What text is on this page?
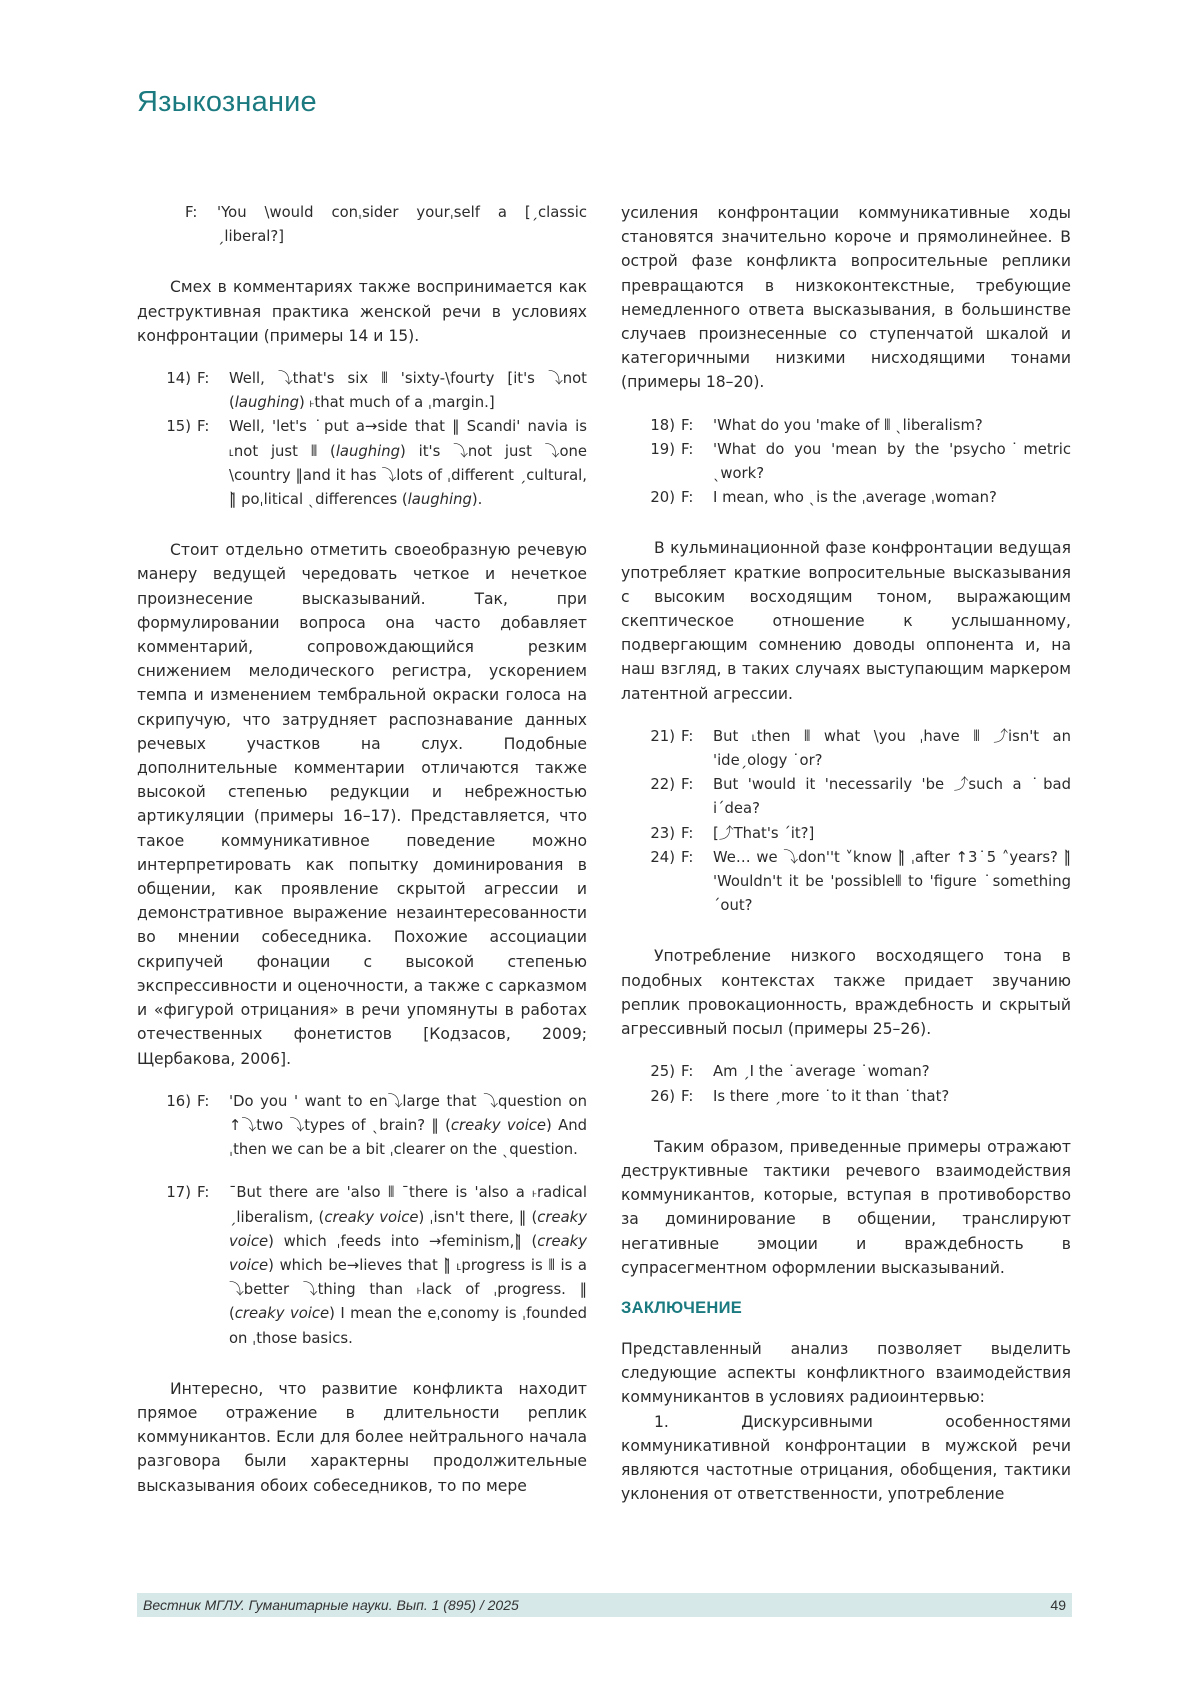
Языкознание
F:	'You \would conˌsider yourˌself a [ˏclassic ˏliberal?]

Смех в комментариях также воспринимается как деструктивная практика женской речи в условиях конфронтации (примеры 14 и 15).

14) F:	Well, ⤵that's six ⦀ 'sixty-\fourty [it's ⤵not (laughing) ˫that much of a ˌmargin.]
15) F:	Well, 'let's ˙put a→side that ‖ Scandi' navia is ˪not just ⦀ (laughing) it's ⤵not just ⤵one \country ‖and it has ⤵lots of ˌdifferent ˏcultural, ‖̀ poˌlitical ˎdifferences (laughing).

Стоит отдельно отметить своеобразную речевую манеру ведущей чередовать четкое и нечеткое произнесение высказываний. Так, при формулировании вопроса она часто добавляет комментарий, сопровождающийся резким снижением мелодического регистра, ускорением темпа и изменением тембральной окраски голоса на скрипучую, что затрудняет распознавание данных речевых участков на слух. Подобные дополнительные комментарии отличаются также высокой степенью редукции и небрежностью артикуляции (примеры 16–17). Представляется, что такое коммуникативное поведение можно интерпретировать как попытку доминирования в общении, как проявление скрытой агрессии и демонстративное выражение незаинтересованности во мнении собеседника. Похожие ассоциации скрипучей фонации с высокой степенью экспрессивности и оценочности, а также с сарказмом и «фигурой отрицания» в речи упомянуты в работах отечественных фонетистов [Кодзасов, 2009; Щербакова, 2006].

16) F:	'Do you ' want to en⤵large that ⤵question on ↑⤵two ⤵types of ˎbrain? ‖ (creaky voice) And ˌthen we can be a bit ˌclearer on the ˎquestion.
17) F:	¯But there are 'also ⦀ ¯there is 'also a ˫radical ˏliberalism, (creaky voice) ˌisn't there, ‖ (creaky voice) which ˌfeeds into →feminism,‖̀ (creaky voice) which be→lieves that ‖̀ ˪progress is ⦀ is a ⤵better ⤵thing than ˫lack of ˌprogress. ‖ (creaky voice) I mean the eˌconomy is ˌfounded on ˌthose basics.

Интересно, что развитие конфликта находит прямое отражение в длительности реплик коммуникантов. Если для более нейтрального начала разговора были характерны продолжительные высказывания обоих собеседников, то по мере

усиления конфронтации коммуникативные ходы становятся значительно короче и прямолинейнее. В острой фазе конфликта вопросительные реплики превращаются в низкоконтекстные, требующие немедленного ответа высказывания, в большинстве случаев произнесенные со ступенчатой шкалой и категоричными низкими нисходящими тонами (примеры 18–20).

18) F:	'What do you 'make of ⦀ ˎliberalism?
19) F:	'What do you 'mean by the 'psycho˙metric ˎwork?
20) F:	I mean, who ˎis the ˌaverage ˌwoman?

В кульминационной фазе конфронтации ведущая употребляет краткие вопросительные высказывания с высоким восходящим тоном, выражающим скептическое отношение к услышанному, подвергающим сомнению доводы оппонента и, на наш взгляд, в таких случаях выступающим маркером латентной агрессии.

21) F:	But ˪then ⦀ what \you ˌhave ⦀ ⤴isn't an 'ideˏology ˙or?
22) F:	But 'would it 'necessarily 'be ⤴such a ˙bad iˊdea?
23) F:	[⤴That's ˊit?]
24) F:	We… we ⤵don''t ˅know ‖̀ ˌafter ↑3˙5 ˄years? ‖̀ 'Wouldn't it be 'possible⦀ to 'figure ˙something ˊout?

Употребление низкого восходящего тона в подобных контекстах также придает звучанию реплик провокационность, враждебность и скрытый агрессивный посыл (примеры 25–26).

25) F:	Am ˏI the ˙average ˙woman?
26) F:	Is there ˏmore ˙to it than ˙that?

Таким образом, приведенные примеры отражают деструктивные тактики речевого взаимодействия коммуникантов, которые, вступая в противоборство за доминирование в общении, транслируют негативные эмоции и враждебность в супрасегментном оформлении высказываний.

ЗАКЛЮЧЕНИЕ

Представленный анализ позволяет выделить следующие аспекты конфликтного взаимодействия коммуникантов в условиях радиоинтервью:

1. Дискурсивными особенностями коммуникативной конфронтации в мужской речи являются частотные отрицания, обобщения, тактики уклонения от ответственности, употребление

Вестник МГЛУ. Гуманитарные науки. Вып. 1 (895) / 2025	49
